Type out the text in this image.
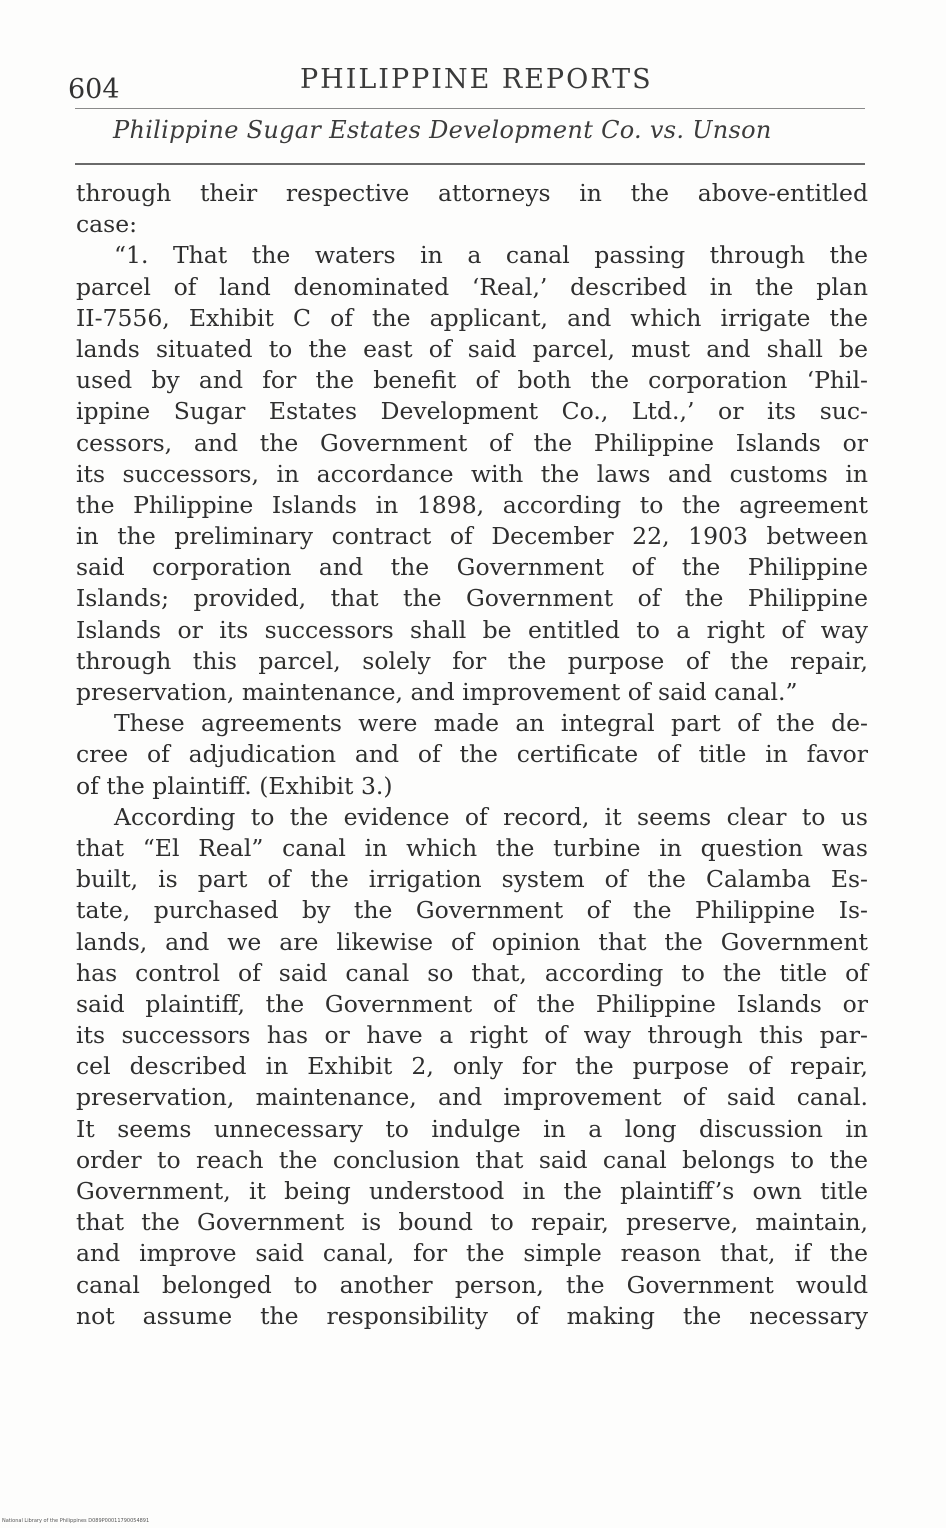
604	PHILIPPINE REPORTS
Philippine Sugar Estates Development Co. vs. Unson
through their respective attorneys in the above-entitled
case:
“1. That the waters in a canal passing through the
parcel of land denominated ‘Real,’ described in the plan
II-7556, Exhibit C of the applicant, and which irrigate the
lands situated to the east of said parcel, must and shall be
used by and for the benefit of both the corporation ‘Phil-
ippine Sugar Estates Development Co., Ltd.,’ or its suc-
cessors, and the Government of the Philippine Islands or
its successors, in accordance with the laws and customs in
the Philippine Islands in 1898, according to the agreement
in the preliminary contract of December 22, 1903 between
said corporation and the Government of the Philippine
Islands; provided, that the Government of the Philippine
Islands or its successors shall be entitled to a right of way
through this parcel, solely for the purpose of the repair,
preservation, maintenance, and improvement of said canal.”
These agreements were made an integral part of the de-
cree of adjudication and of the certificate of title in favor
of the plaintiff. (Exhibit 3.)
According to the evidence of record, it seems clear to us
that “El Real” canal in which the turbine in question was
built, is part of the irrigation system of the Calamba Es-
tate, purchased by the Government of the Philippine Is-
lands, and we are likewise of opinion that the Government
has control of said canal so that, according to the title of
said plaintiff, the Government of the Philippine Islands or
its successors has or have a right of way through this par-
cel described in Exhibit 2, only for the purpose of repair,
preservation, maintenance, and improvement of said canal.
It seems unnecessary to indulge in a long discussion in
order to reach the conclusion that said canal belongs to the
Government, it being understood in the plaintiff’s own title
that the Government is bound to repair, preserve, maintain,
and improve said canal, for the simple reason that, if the
canal belonged to another person, the Government would
not assume the responsibility of making the necessary
National Library of the Philippines D089P00011790054891
